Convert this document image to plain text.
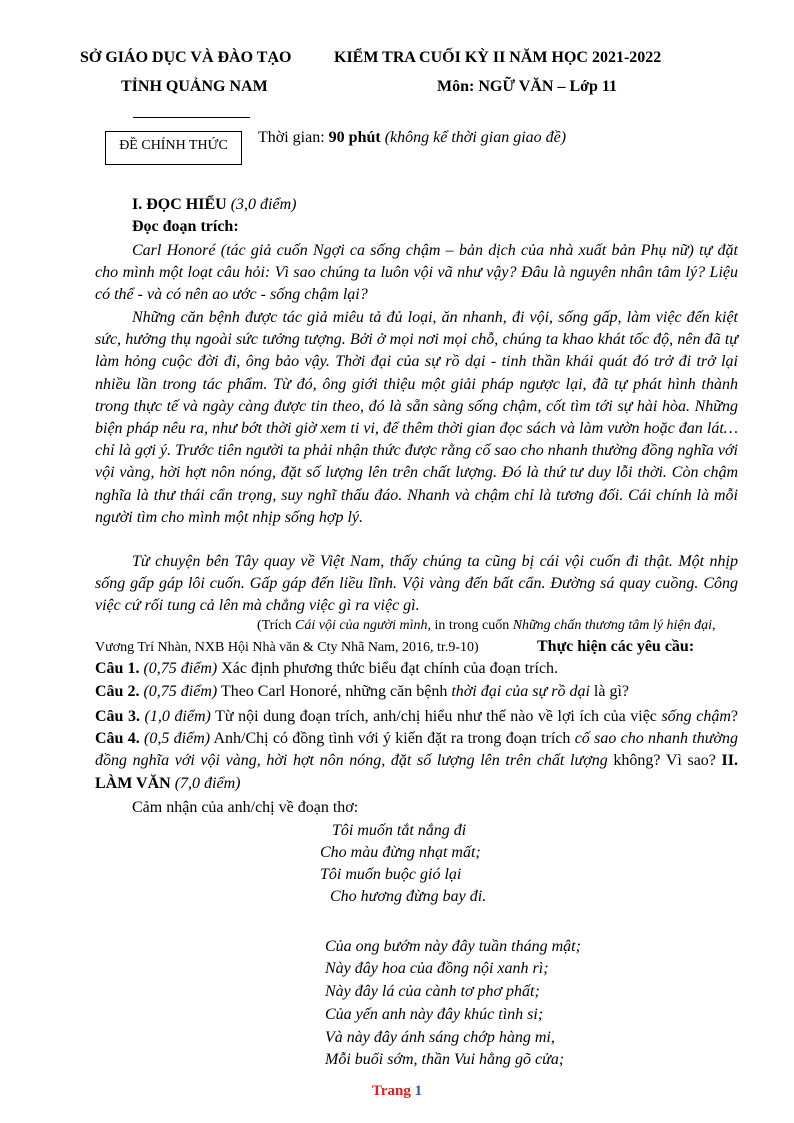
SỞ GIÁO DỤC VÀ ĐÀO TẠO	KIỂM TRA CUỐI KỲ II NĂM HỌC 2021-2022
TỈNH QUẢNG NAM	Môn: NGỮ VĂN – Lớp 11
ĐỀ CHÍNH THỨC	Thời gian: 90 phút (không kể thời gian giao đề)
I. ĐỌC HIỂU (3,0 điểm)
Đọc đoạn trích:

Carl Honoré (tác giả cuốn Ngợi ca sống chậm – bản dịch của nhà xuất bản Phụ nữ) tự đặt cho mình một loạt câu hỏi: Vì sao chúng ta luôn vội vã như vậy? Đâu là nguyên nhân tâm lý? Liệu có thể - và có nên ao ước - sống chậm lại?

Những căn bệnh được tác giả miêu tả đủ loại, ăn nhanh, đi vội, sống gấp, làm việc đến kiệt sức, hưởng thụ ngoài sức tưởng tượng. Bởi ở mọi nơi mọi chỗ, chúng ta khao khát tốc độ, nên đã tự làm hỏng cuộc đời đi, ông bảo vậy. Thời đại của sự rồ dại - tinh thần khái quát đó trở đi trở lại nhiều lần trong tác phẩm. Từ đó, ông giới thiệu một giải pháp ngược lại, đã tự phát hình thành trong thực tế và ngày càng được tin theo, đó là sẵn sàng sống chậm, cốt tìm tới sự hài hòa. Những biện pháp nêu ra, như bớt thời giờ xem ti vi, để thêm thời gian đọc sách và làm vườn hoặc đan lát… chỉ là gợi ý. Trước tiên người ta phải nhận thức được rằng cố sao cho nhanh thường đồng nghĩa với vội vàng, hời hợt nôn nóng, đặt số lượng lên trên chất lượng. Đó là thứ tư duy lỗi thời. Còn chậm nghĩa là thư thái cẩn trọng, suy nghĩ thấu đáo. Nhanh và chậm chỉ là tương đối. Cái chính là mỗi người tìm cho mình một nhịp sống hợp lý.

Từ chuyện bên Tây quay về Việt Nam, thấy chúng ta cũng bị cái vội cuốn đi thật. Một nhịp sống gấp gáp lôi cuốn. Gấp gáp đến liều lĩnh. Vội vàng đến bất cẩn. Đường sá quay cuồng. Công việc cứ rối tung cả lên mà chẳng việc gì ra việc gì.

(Trích Cái vội của người mình, in trong cuốn Những chấn thương tâm lý hiện đại,
Vương Trí Nhàn, NXB Hội Nhà văn & Cty Nhã Nam, 2016, tr.9-10)	Thực hiện các yêu cầu:
Câu 1. (0,75 điểm) Xác định phương thức biểu đạt chính của đoạn trích.
Câu 2. (0,75 điểm) Theo Carl Honoré, những căn bệnh thời đại của sự rồ dại là gì?

Câu 3. (1,0 điểm) Từ nội dung đoạn trích, anh/chị hiểu như thế nào về lợi ích của việc sống chậm? Câu 4. (0,5 điểm) Anh/Chị có đồng tình với ý kiến đặt ra trong đoạn trích cố sao cho nhanh thường đồng nghĩa với vội vàng, hời hợt nôn nóng, đặt số lượng lên trên chất lượng không? Vì sao? II. LÀM VĂN (7,0 điểm)

Cảm nhận của anh/chị về đoạn thơ:
Tôi muốn tắt nắng đi
Cho màu đừng nhạt mất;
Tôi muốn buộc gió lại
Cho hương đừng bay đi.
Của ong bướm này đây tuần tháng mật;
Này đây hoa của đồng nội xanh rì;
Này đây lá của cành tơ phơ phất;
Của yến anh này đây khúc tình si;
Và này đây ánh sáng chớp hàng mi,
Mỗi buổi sớm, thần Vui hằng gõ cửa;
Trang 1
